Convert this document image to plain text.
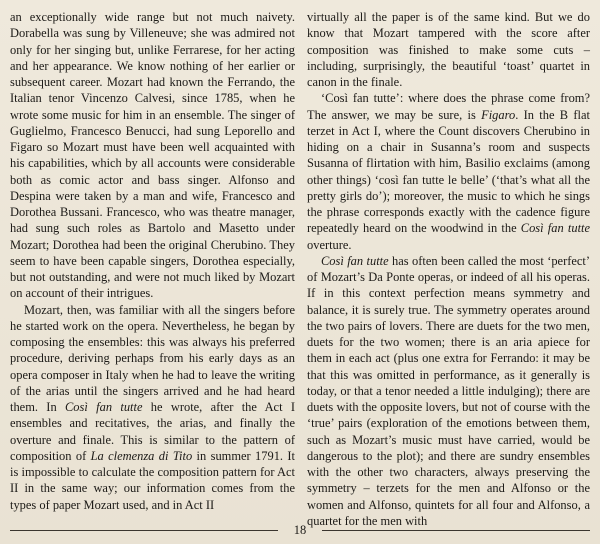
an exceptionally wide range but not much naivety. Dorabella was sung by Villeneuve; she was admired not only for her singing but, unlike Ferrarese, for her acting and her appearance. We know nothing of her earlier or subsequent career. Mozart had known the Ferrando, the Italian tenor Vincenzo Calvesi, since 1785, when he wrote some music for him in an ensemble. The singer of Guglielmo, Francesco Benucci, had sung Leporello and Figaro so Mozart must have been well acquainted with his capabilities, which by all accounts were considerable both as comic actor and bass singer. Alfonso and Despina were taken by a man and wife, Francesco and Dorothea Bussani. Francesco, who was theatre manager, had sung such roles as Bartolo and Masetto under Mozart; Dorothea had been the original Cherubino. They seem to have been capable singers, Dorothea especially, but not outstanding, and were not much liked by Mozart on account of their intrigues.

Mozart, then, was familiar with all the singers before he started work on the opera. Nevertheless, he began by composing the ensembles: this was always his preferred procedure, deriving perhaps from his early days as an opera composer in Italy when he had to leave the writing of the arias until the singers arrived and he had heard them. In Così fan tutte he wrote, after the Act I ensembles and recitatives, the arias, and finally the overture and finale. This is similar to the pattern of composition of La clemenza di Tito in summer 1791. It is impossible to calculate the composition pattern for Act II in the same way; our information comes from the types of paper Mozart used, and in Act II

virtually all the paper is of the same kind. But we do know that Mozart tampered with the score after composition was finished to make some cuts – including, surprisingly, the beautiful ‘toast’ quartet in canon in the finale.

‘Così fan tutte’: where does the phrase come from? The answer, we may be sure, is Figaro. In the B flat terzet in Act I, where the Count discovers Cherubino in hiding on a chair in Susanna’s room and suspects Susanna of flirtation with him, Basilio exclaims (among other things) ‘così fan tutte le belle’ (‘that’s what all the pretty girls do’); moreover, the music to which he sings the phrase corresponds exactly with the cadence figure repeatedly heard on the woodwind in the Così fan tutte overture.

Così fan tutte has often been called the most ‘perfect’ of Mozart’s Da Ponte operas, or indeed of all his operas. If in this context perfection means symmetry and balance, it is surely true. The symmetry operates around the two pairs of lovers. There are duets for the two men, duets for the two women; there is an aria apiece for them in each act (plus one extra for Ferrando: it may be that this was omitted in performance, as it generally is today, or that a tenor needed a little indulging); there are duets with the opposite lovers, but not of course with the ‘true’ pairs (exploration of the emotions between them, such as Mozart’s music must have carried, would be dangerous to the plot); and there are sundry ensembles with the other two characters, always preserving the symmetry – terzets for the men and Alfonso or the women and Alfonso, quintets for all four and Alfonso, a quartet for the men with

18
